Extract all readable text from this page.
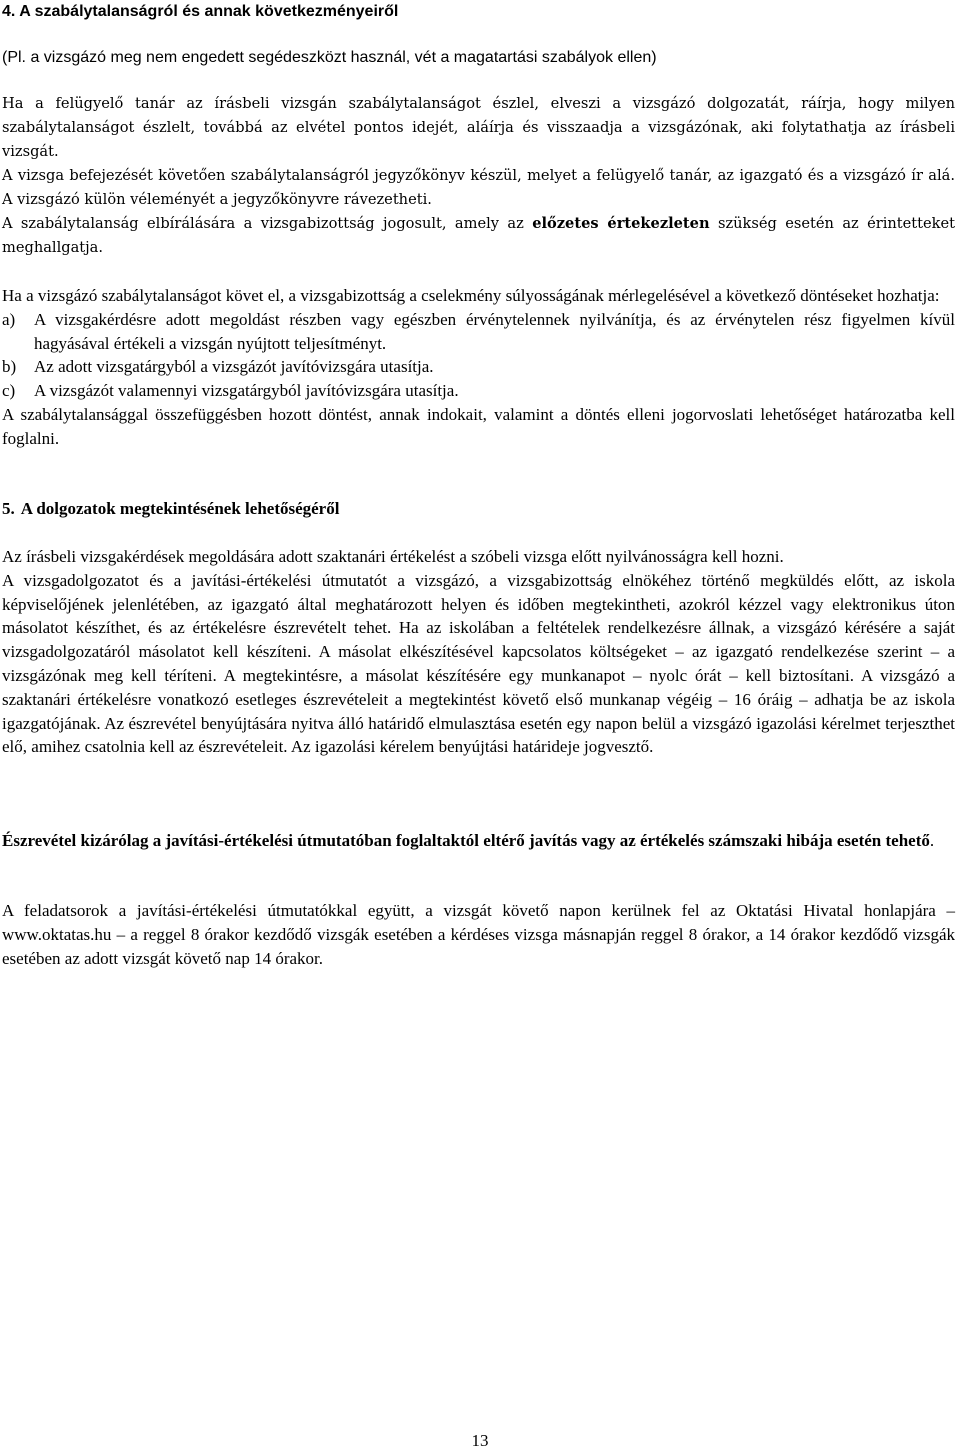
4. A szabálytalanságról és annak következményeiről

(Pl. a vizsgázó meg nem engedett segédeszközt használ, vét a magatartási szabályok ellen)

Ha a felügyelő tanár az írásbeli vizsgán szabálytalanságot észlel, elveszi a vizsgázó dolgozatát, ráírja, hogy milyen szabálytalanságot észlelt, továbbá az elvétel pontos idejét, aláírja és visszaadja a vizsgázónak, aki folytathatja az írásbeli vizsgát.

A vizsga befejezését követően szabálytalanságról jegyzőkönyv készül, melyet a felügyelő tanár, az igazgató és a vizsgázó ír alá. A vizsgázó külön véleményét a jegyzőkönyvre rávezetheti.

A szabálytalanság elbírálására a vizsgabizottság jogosult, amely az előzetes értekezleten szükség esetén az érintetteket meghallgatja.

Ha a vizsgázó szabálytalanságot követ el, a vizsgabizottság a cselekmény súlyosságának mérlegelésével a következő döntéseket hozhatja:

a)	A vizsgakérdésre adott megoldást részben vagy egészben érvénytelennek nyilvánítja, és az érvénytelen rész figyelmen kívül hagyásával értékeli a vizsgán nyújtott teljesítményt.
b)	Az adott vizsgatárgyból a vizsgázót javítóvizsgára utasítja.
c)	A vizsgázót valamennyi vizsgatárgyból javítóvizsgára utasítja.

A szabálytalansággal összefüggésben hozott döntést, annak indokait, valamint a döntés elleni jogorvoslati lehetőséget határozatba kell foglalni.

5. A dolgozatok megtekintésének lehetőségéről

Az írásbeli vizsgakérdések megoldására adott szaktanári értékelést a szóbeli vizsga előtt nyilvánosságra kell hozni.

A vizsgadolgozatot és a javítási-értékelési útmutatót a vizsgázó, a vizsgabizottság elnökéhez történő megküldés előtt, az iskola képviselőjének jelenlétében, az igazgató által meghatározott helyen és időben megtekintheti, azokról kézzel vagy elektronikus úton másolatot készíthet, és az értékelésre észrevételt tehet. Ha az iskolában a feltételek rendelkezésre állnak, a vizsgázó kérésére a saját vizsgadolgozatáról másolatot kell készíteni. A másolat elkészítésével kapcsolatos költségeket – az igazgató rendelkezése szerint – a vizsgázónak meg kell téríteni. A megtekintésre, a másolat készítésére egy munkanapot – nyolc órát – kell biztosítani. A vizsgázó a szaktanári értékelésre vonatkozó esetleges észrevételeit a megtekintést követő első munkanap végéig – 16 óráig – adhatja be az iskola igazgatójának. Az észrevétel benyújtására nyitva álló határidő elmulasztása esetén egy napon belül a vizsgázó igazolási kérelmet terjeszthet elő, amihez csatolnia kell az észrevételeit. Az igazolási kérelem benyújtási határideje jogvesztő.

Észrevétel kizárólag a javítási-értékelési útmutatóban foglaltaktól eltérő javítás vagy az értékelés számszaki hibája esetén tehető.

A feladatsorok a javítási-értékelési útmutatókkal együtt, a vizsgát követő napon kerülnek fel az Oktatási Hivatal honlapjára – www.oktatas.hu – a reggel 8 órakor kezdődő vizsgák esetében a kérdéses vizsga másnapján reggel 8 órakor, a 14 órakor kezdődő vizsgák esetében az adott vizsgát követő nap 14 órakor.

13
